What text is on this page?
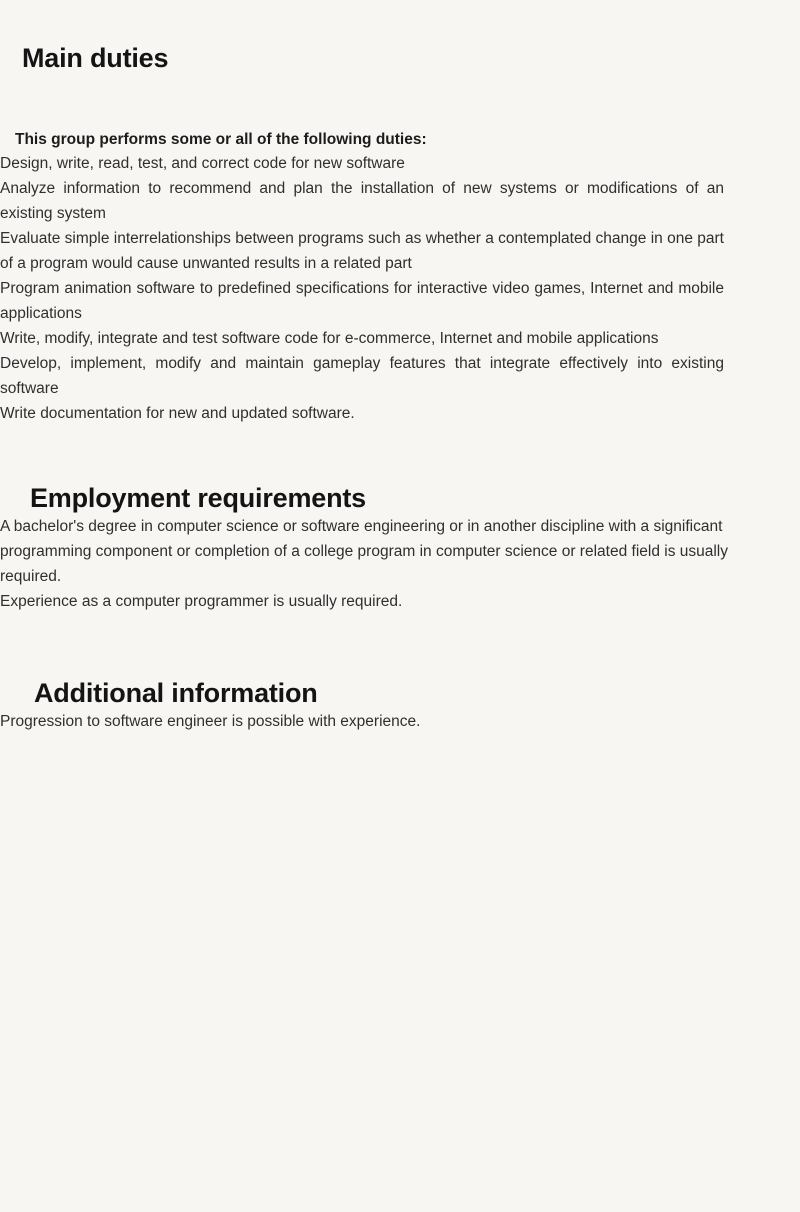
Main duties

This group performs some or all of the following duties:

Design, write, read, test, and correct code for new software
Analyze information to recommend and plan the installation of new systems or modifications of an existing system
Evaluate simple interrelationships between programs such as whether a contemplated change in one part of a program would cause unwanted results in a related part
Program animation software to predefined specifications for interactive video games, Internet and mobile applications
Write, modify, integrate and test software code for e-commerce, Internet and mobile applications
Develop, implement, modify and maintain gameplay features that integrate effectively into existing software
Write documentation for new and updated software.
Employment requirements
A bachelor's degree in computer science or software engineering or in another discipline with a significant programming component or completion of a college program in computer science or related field is usually required.
Experience as a computer programmer is usually required.
Additional information
Progression to software engineer is possible with experience.
